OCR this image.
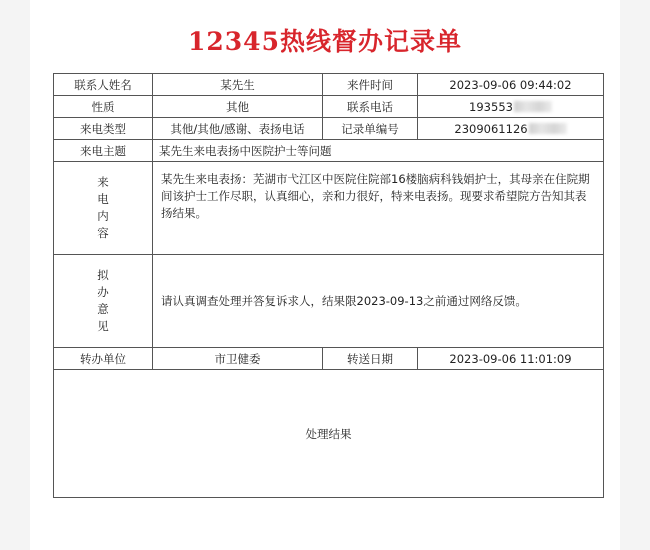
12345热线督办记录单
联系人姓名	某先生	来件时间	2023-09-06 09:44:02
性质	其他	联系电话	193553
来电类型	其他/其他/感谢、表扬电话	记录单编号	2309061126
来电主题	某先生来电表扬中医院护士等问题		

来
电
内
容	某先生来电表扬：芜湖市弋江区中医院住院部16楼脑病科钱娟护士，其母亲在住院期间该护士工作尽职，认真细心，亲和力很好，特来电表扬。现要求希望院方告知其表扬结果。		

拟
办
意
见	请认真调查处理并答复诉求人，结果限2023-09-13之前通过网络反馈。		
转办单位	市卫健委	转送日期	2023-09-06 11:01:09
处理结果			
